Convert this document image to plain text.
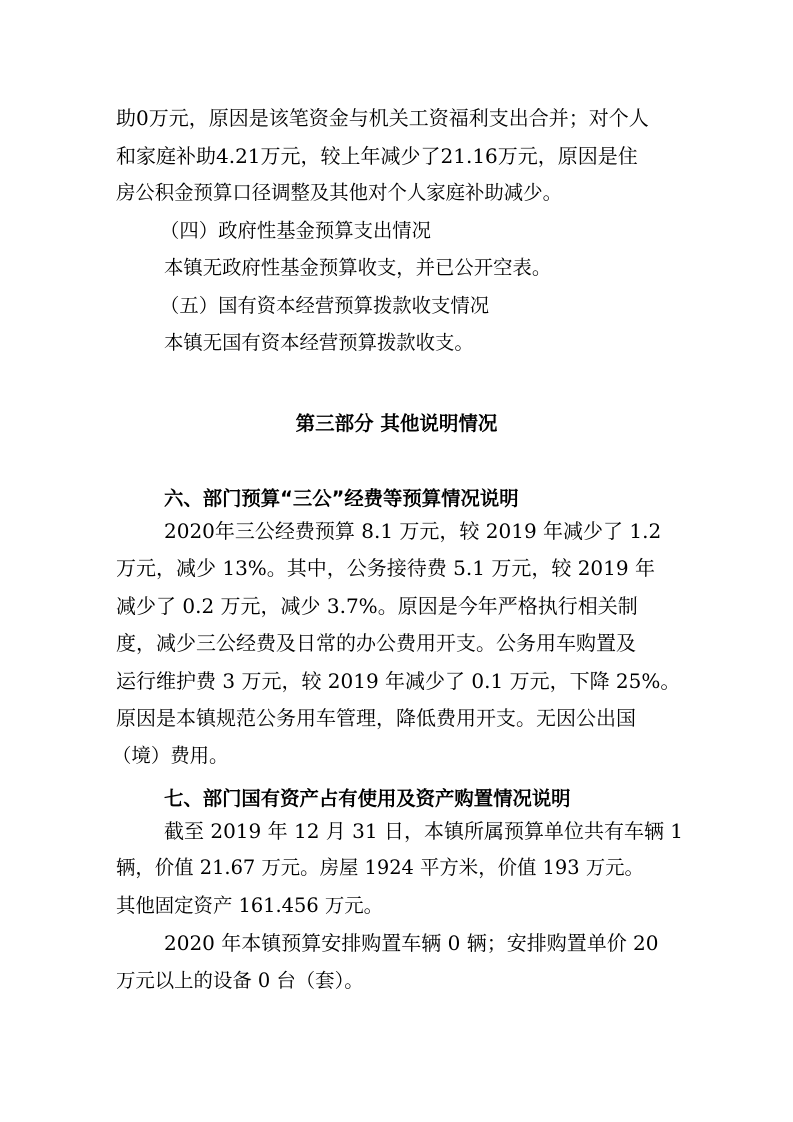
助0万元，原因是该笔资金与机关工资福利支出合并；对个人
和家庭补助4.21万元，较上年减少了21.16万元，原因是住
房公积金预算口径调整及其他对个人家庭补助减少。
（四）政府性基金预算支出情况
本镇无政府性基金预算收支，并已公开空表。
（五）国有资本经营预算拨款收支情况
本镇无国有资本经营预算拨款收支。
第三部分 其他说明情况
六、部门预算“三公”经费等预算情况说明
2020年三公经费预算 8.1 万元，较 2019 年减少了 1.2
万元，减少 13%。其中，公务接待费 5.1 万元，较 2019 年
减少了 0.2 万元，减少 3.7%。原因是今年严格执行相关制
度，减少三公经费及日常的办公费用开支。公务用车购置及
运行维护费 3 万元，较 2019 年减少了 0.1 万元，下降 25%。
原因是本镇规范公务用车管理，降低费用开支。无因公出国
（境）费用。
七、部门国有资产占有使用及资产购置情况说明
截至 2019 年 12 月 31 日，本镇所属预算单位共有车辆 1
辆，价值 21.67 万元。房屋 1924 平方米，价值 193 万元。
其他固定资产 161.456 万元。
2020 年本镇预算安排购置车辆 0 辆；安排购置单价 20
万元以上的设备 0 台（套）。
